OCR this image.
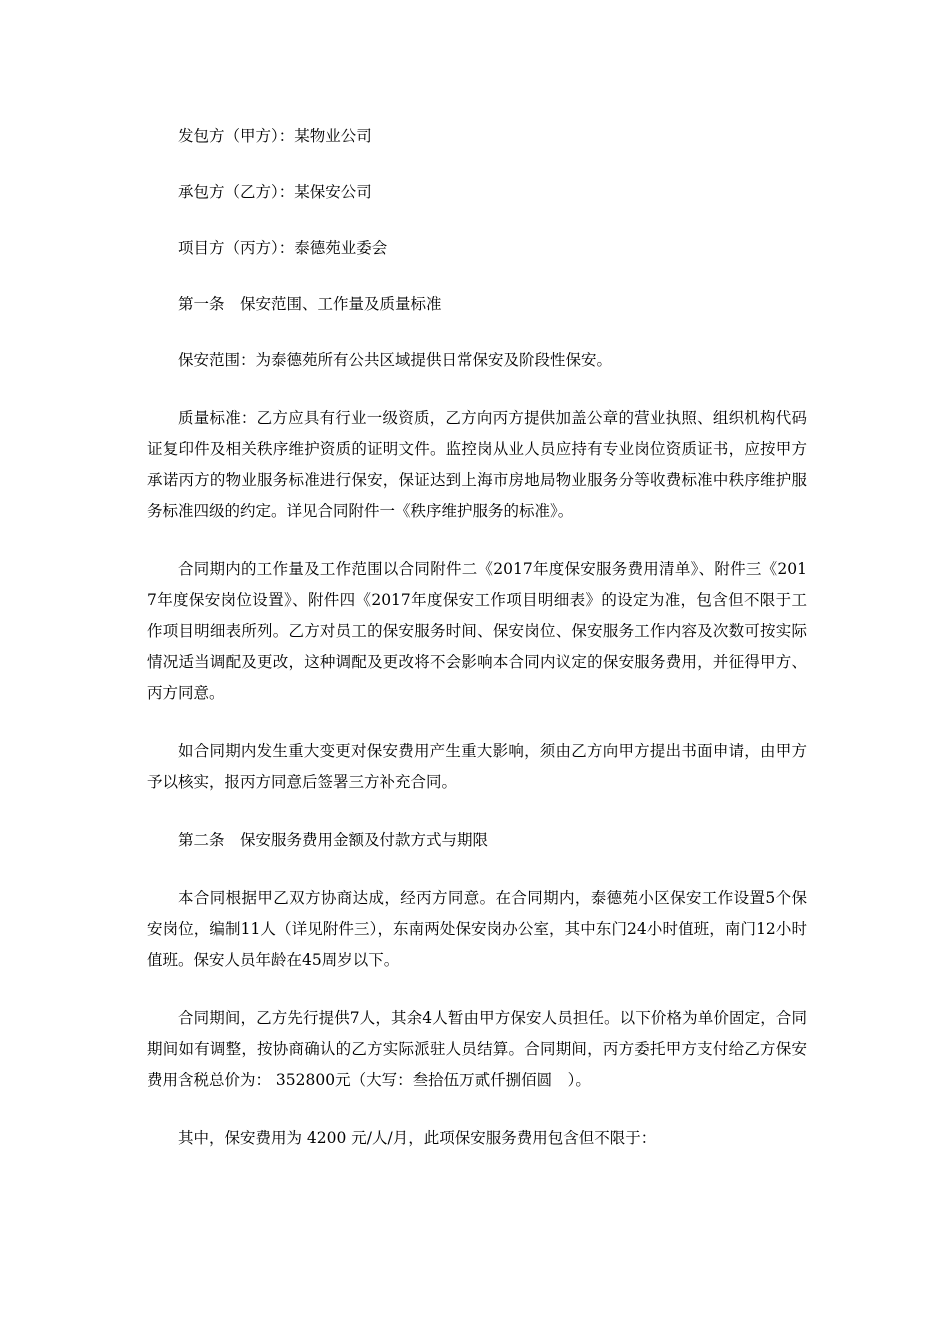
发包方（甲方）：某物业公司

承包方（乙方）：某保安公司

项目方（丙方）：泰德苑业委会

第一条　保安范围、工作量及质量标准

保安范围：为泰德苑所有公共区域提供日常保安及阶段性保安。

质量标准：乙方应具有行业一级资质，乙方向丙方提供加盖公章的营业执照、组织机构代码证复印件及相关秩序维护资质的证明文件。监控岗从业人员应持有专业岗位资质证书，应按甲方承诺丙方的物业服务标准进行保安，保证达到上海市房地局物业服务分等收费标准中秩序维护服务标准四级的约定。详见合同附件一《秩序维护服务的标准》。

合同期内的工作量及工作范围以合同附件二《2017年度保安服务费用清单》、附件三《2017年度保安岗位设置》、附件四《2017年度保安工作项目明细表》的设定为准，包含但不限于工作项目明细表所列。乙方对员工的保安服务时间、保安岗位、保安服务工作内容及次数可按实际情况适当调配及更改，这种调配及更改将不会影响本合同内议定的保安服务费用，并征得甲方、丙方同意。

如合同期内发生重大变更对保安费用产生重大影响，须由乙方向甲方提出书面申请，由甲方予以核实，报丙方同意后签署三方补充合同。

第二条　保安服务费用金额及付款方式与期限

本合同根据甲乙双方协商达成，经丙方同意。在合同期内，泰德苑小区保安工作设置5个保安岗位，编制11人（详见附件三），东南两处保安岗办公室，其中东门24小时值班，南门12小时值班。保安人员年龄在45周岁以下。

合同期间，乙方先行提供7人，其余4人暂由甲方保安人员担任。以下价格为单价固定，合同期间如有调整，按协商确认的乙方实际派驻人员结算。合同期间，丙方委托甲方支付给乙方保安费用含税总价为： 352800元（大写：叁拾伍万贰仟捌佰圆　）。

其中，保安费用为 4200 元/人/月，此项保安服务费用包含但不限于：
